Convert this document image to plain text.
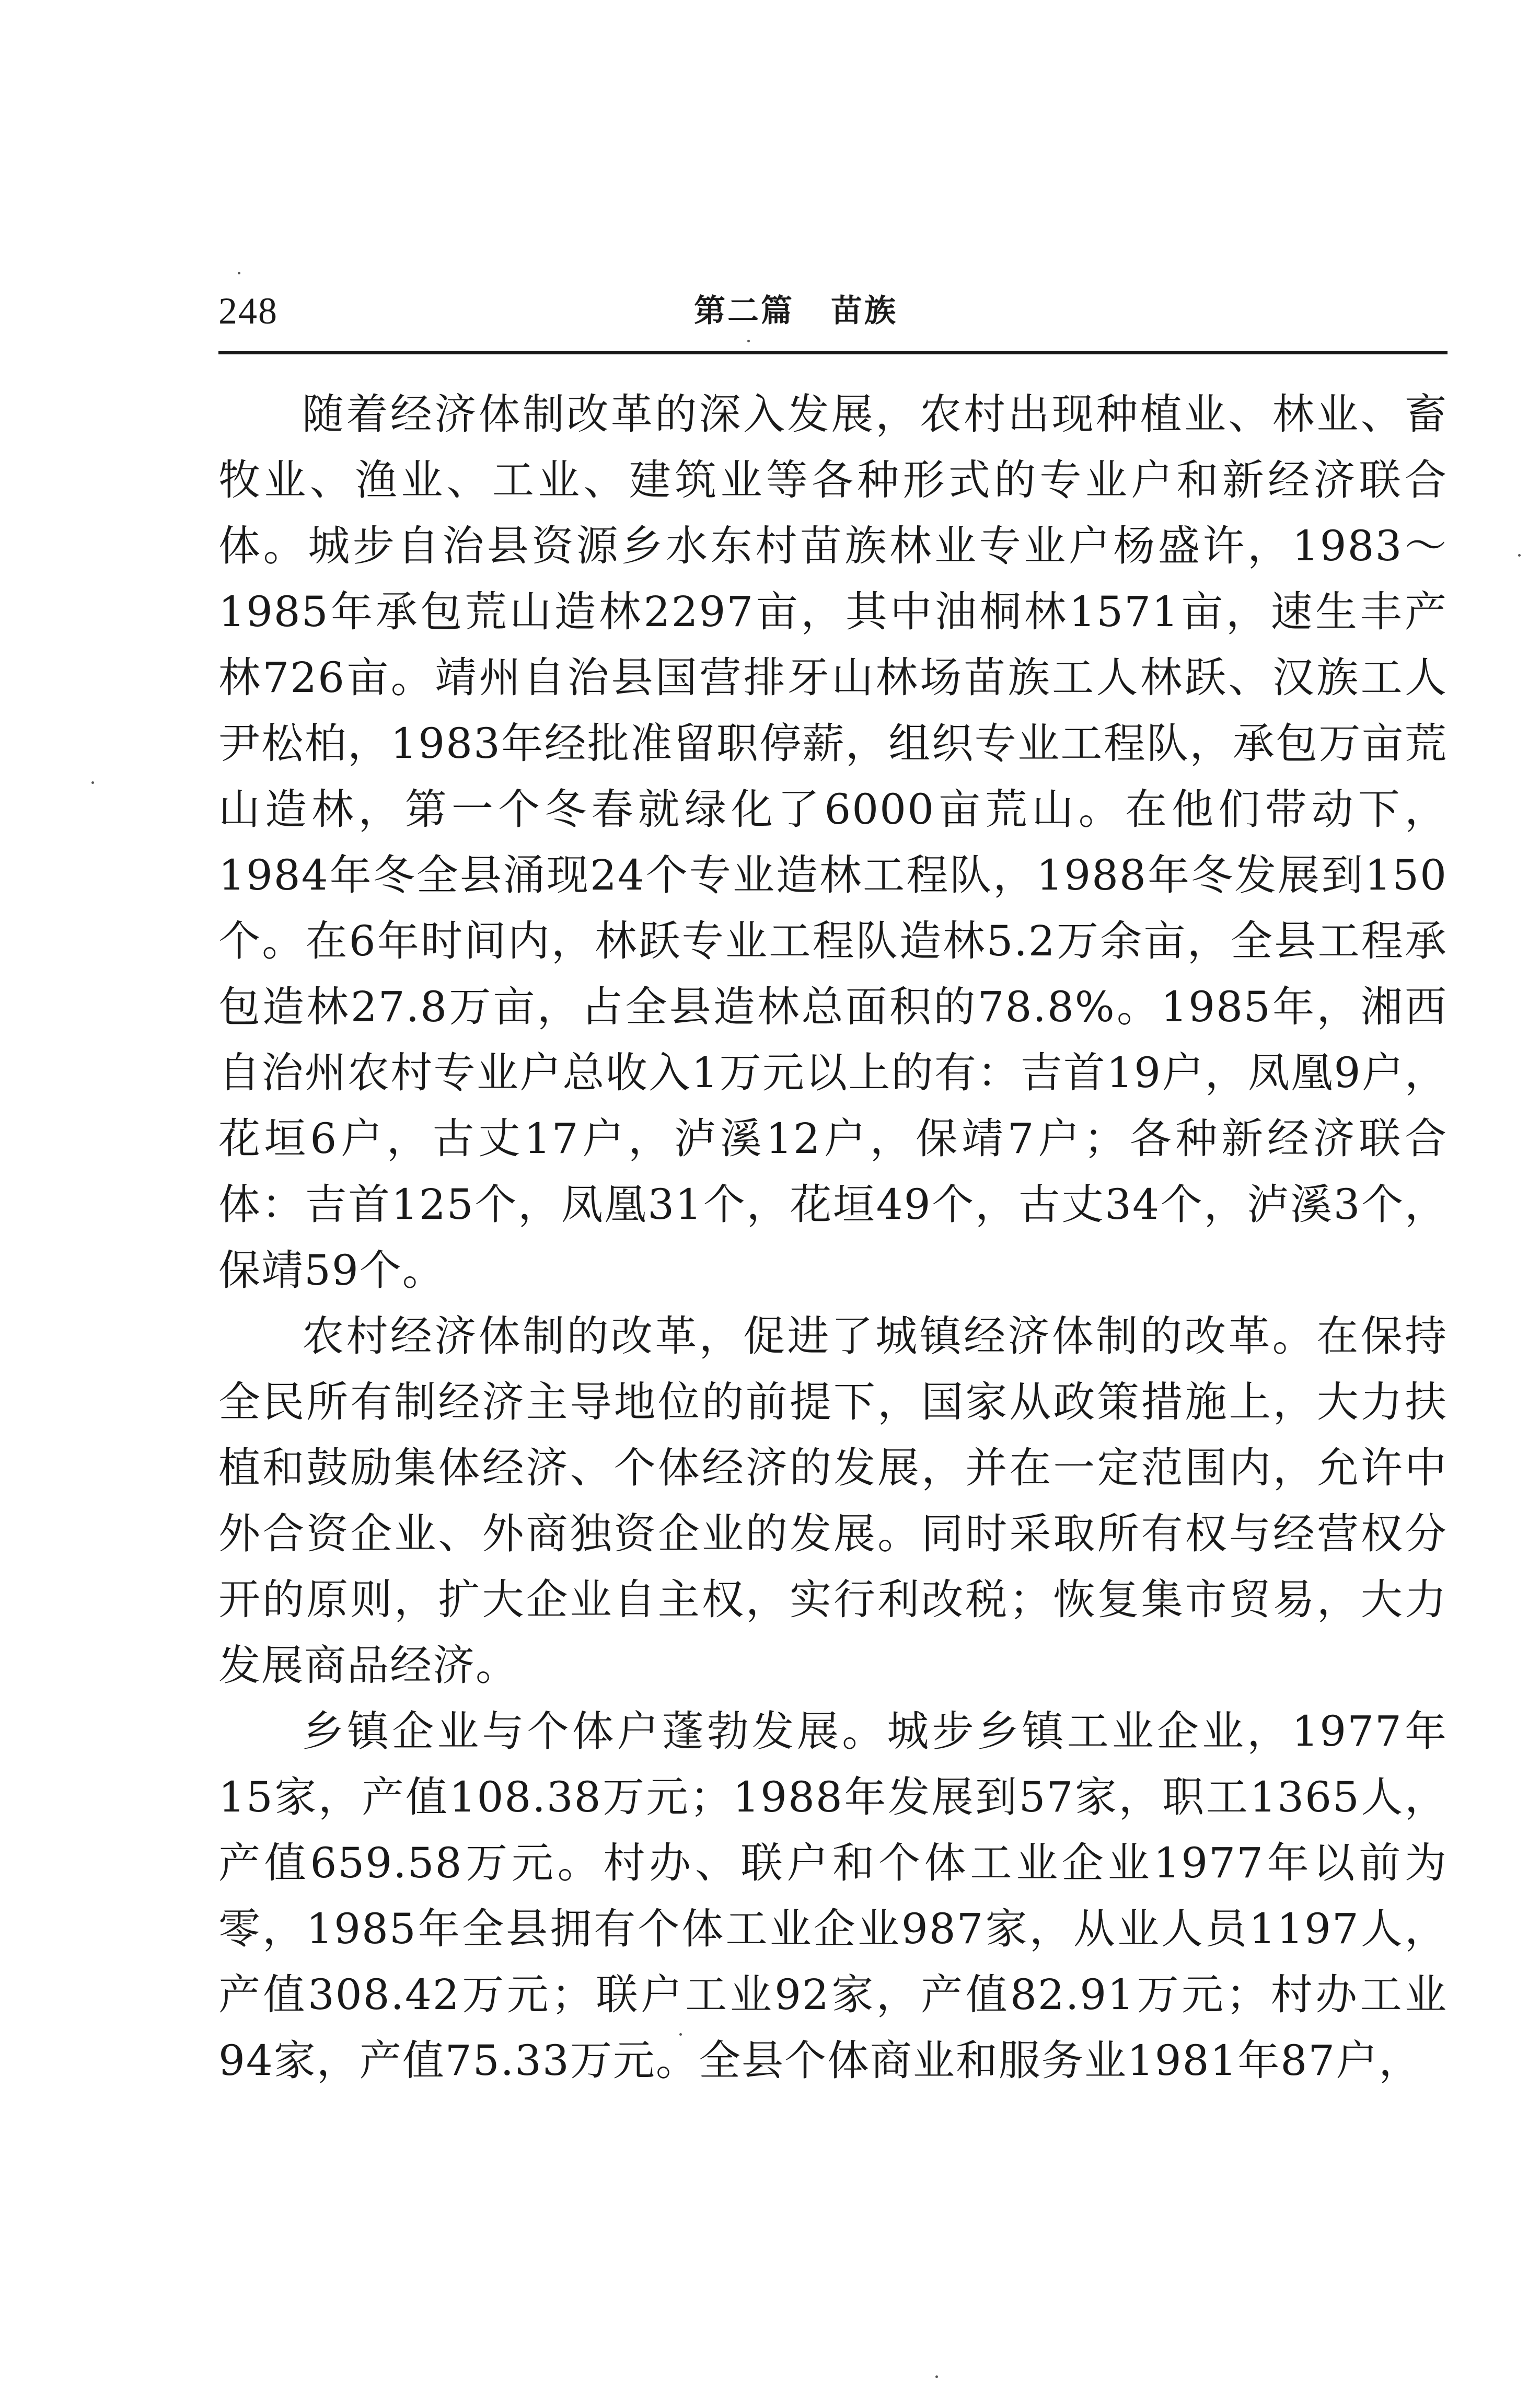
248	第二篇 苗族

随着经济体制改革的深入发展，农村出现种植业、林业、畜牧业、渔业、工业、建筑业等各种形式的专业户和新经济联合体。城步自治县资源乡水东村苗族林业专业户杨盛许，1983～1985年承包荒山造林2297亩，其中油桐林1571亩，速生丰产林726亩。靖州自治县国营排牙山林场苗族工人林跃、汉族工人尹松柏，1983年经批准留职停薪，组织专业工程队，承包万亩荒山造林，第一个冬春就绿化了6000亩荒山。在他们带动下，1984年冬全县涌现24个专业造林工程队，1988年冬发展到150个。在6年时间内，林跃专业工程队造林5.2万余亩，全县工程承包造林27.8万亩，占全县造林总面积的78.8%。1985年，湘西自治州农村专业户总收入1万元以上的有：吉首19户，凤凰9户，花垣6户，古丈17户，泸溪12户，保靖7户；各种新经济联合体：吉首125个，凤凰31个，花垣49个，古丈34个，泸溪3个，保靖59个。

农村经济体制的改革，促进了城镇经济体制的改革。在保持全民所有制经济主导地位的前提下，国家从政策措施上，大力扶植和鼓励集体经济、个体经济的发展，并在一定范围内，允许中外合资企业、外商独资企业的发展。同时采取所有权与经营权分开的原则，扩大企业自主权，实行利改税；恢复集市贸易，大力发展商品经济。

乡镇企业与个体户蓬勃发展。城步乡镇工业企业，1977年15家，产值108.38万元；1988年发展到57家，职工1365人，产值659.58万元。村办、联户和个体工业企业1977年以前为零，1985年全县拥有个体工业企业987家，从业人员1197人，产值308.42万元；联户工业92家，产值82.91万元；村办工业94家，产值75.33万元。全县个体商业和服务业1981年87户，
